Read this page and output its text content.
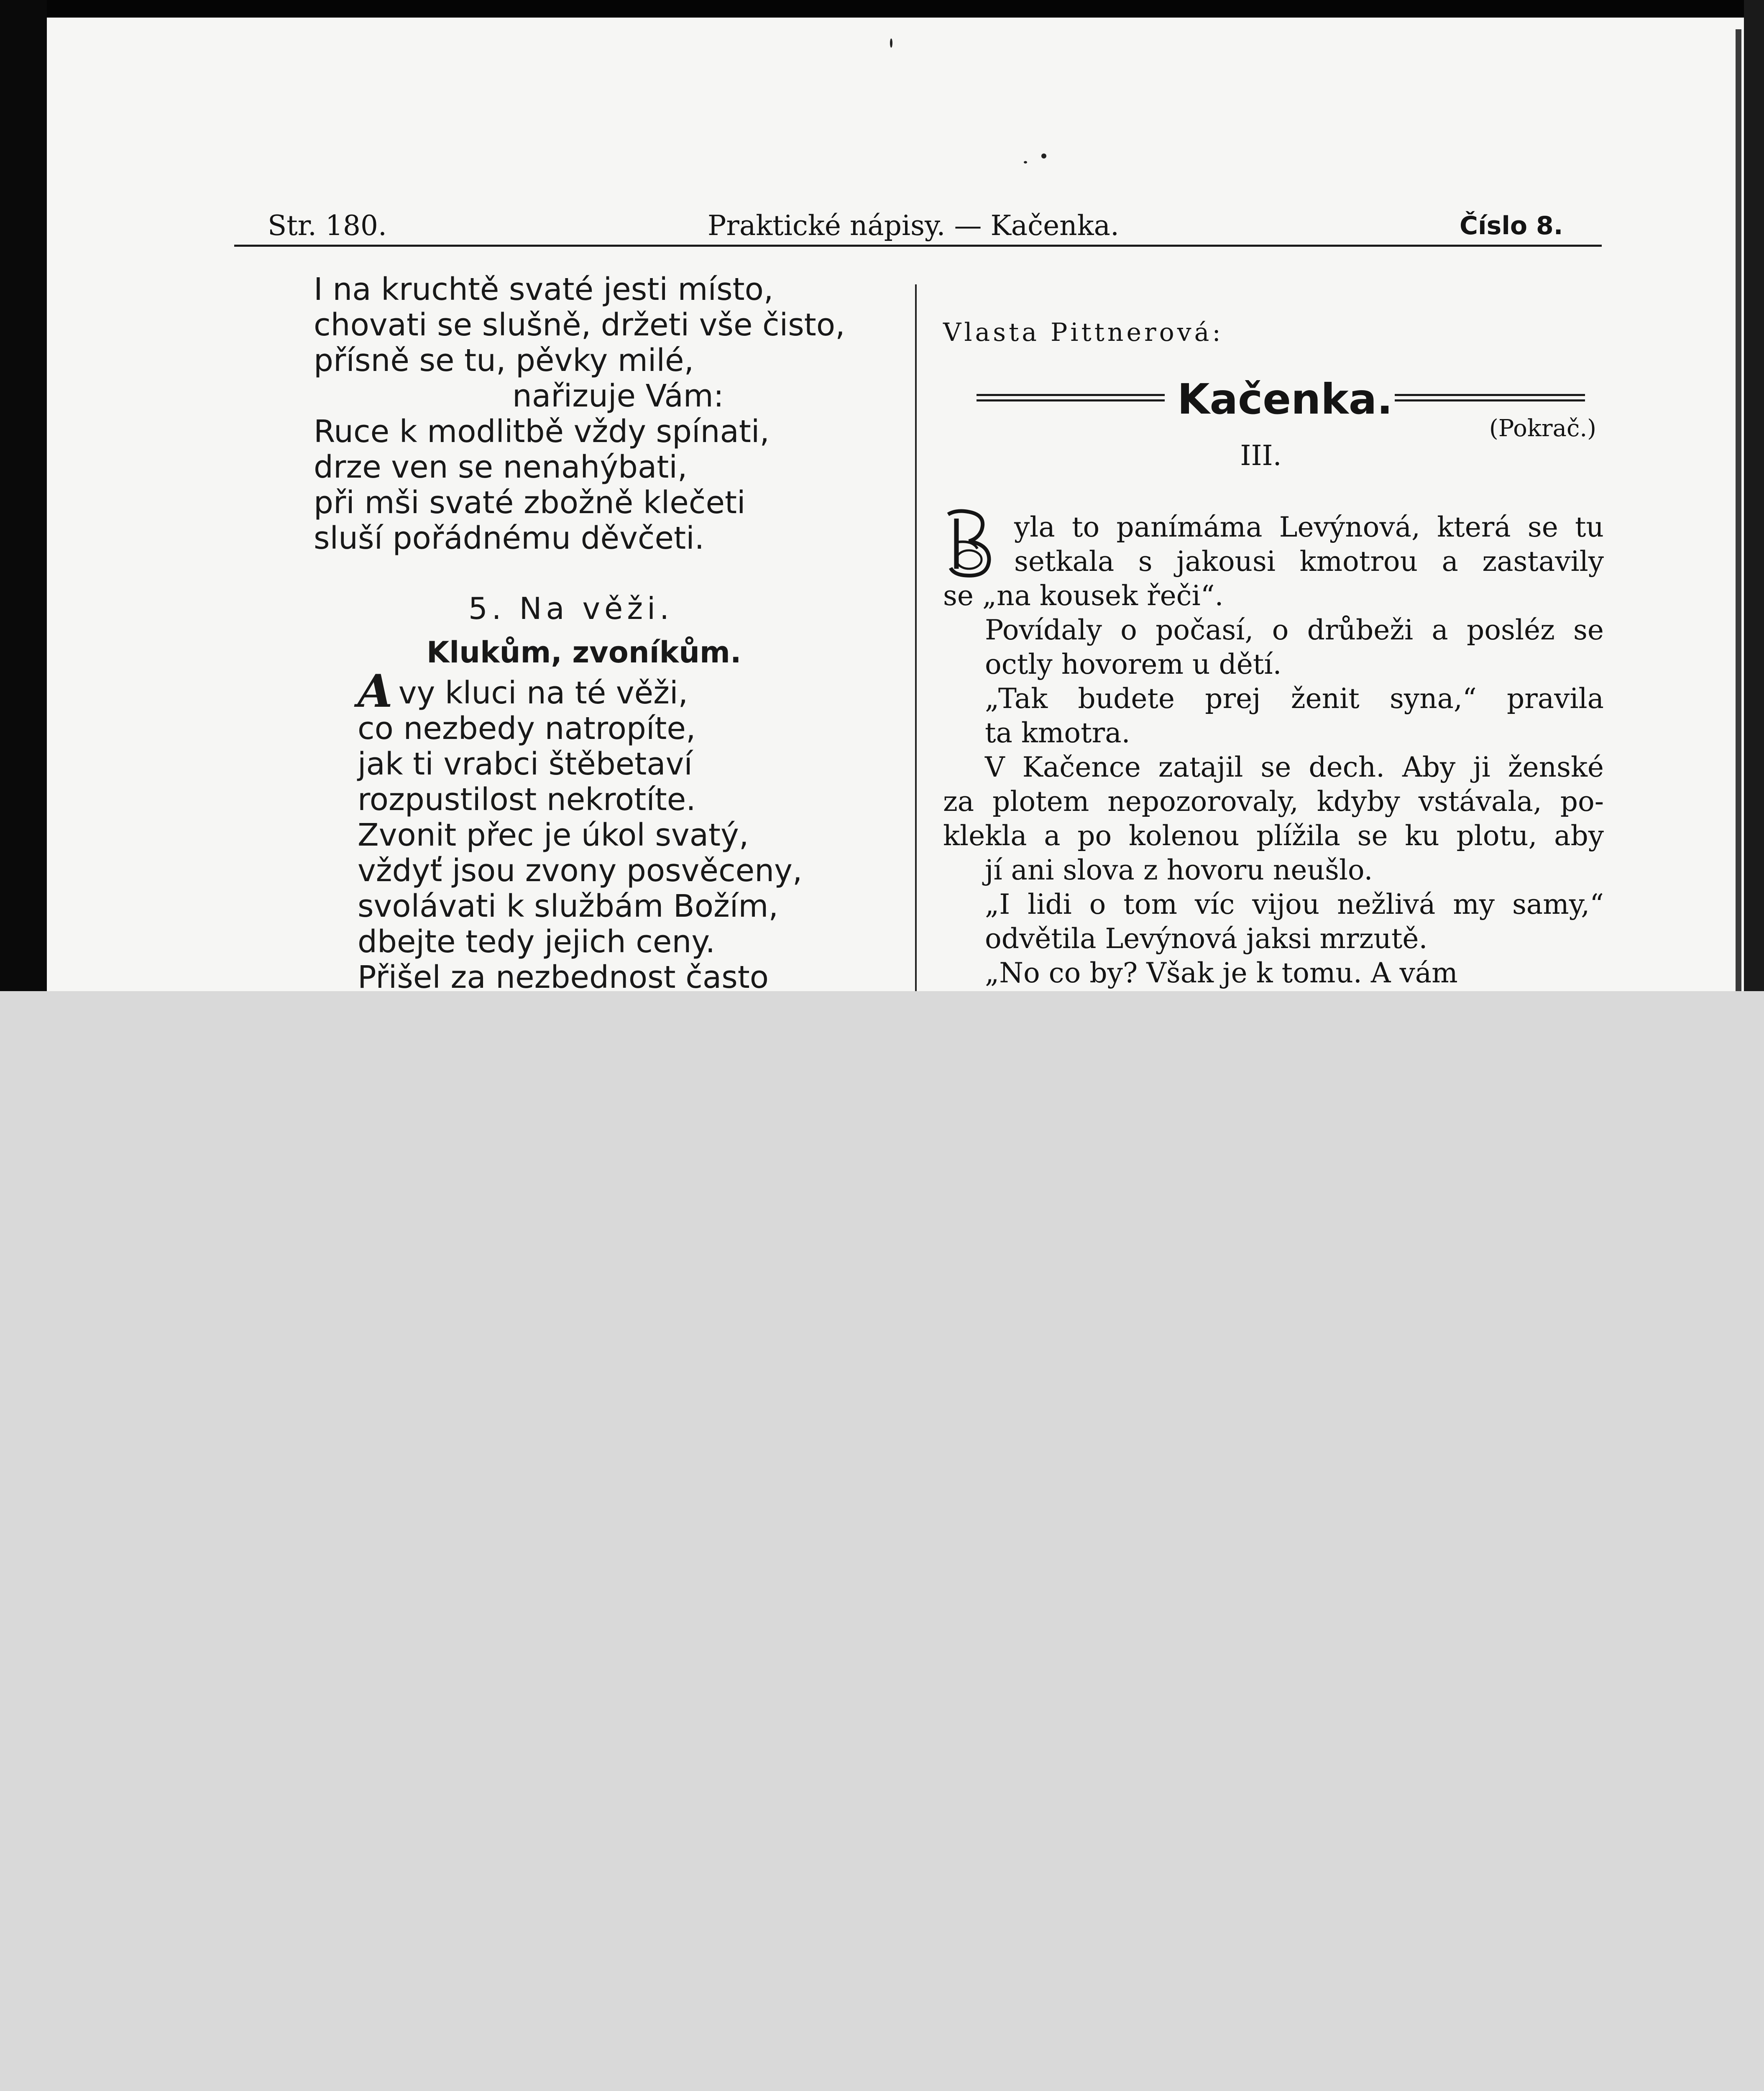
Str. 180.	Praktické nápisy. — Kačenka.	Číslo 8.
I na kruchtě svaté jesti místo,
chovati se slušně, držeti vše čisto,
přísně se tu, pěvky milé,
nařizuje Vám:
Ruce k modlitbě vždy spínati,
drze ven se nenahýbati,
při mši svaté zbožně klečeti
sluší pořádnému děvčeti.
5. Na věži.
Klukům, zvoníkům.
A vy kluci na té věži,
co nezbedy natropíte,
jak ti vrabci štěbetaví
rozpustilost nekrotíte.
Zvonit přec je úkol svatý,
vždyť jsou zvony posvěceny,
svolávati k službám Božím,
dbejte tedy jejich ceny.
Přišel za nezbednost často
Vlasta Pittnerová:
Kačenka.
(Pokrač.)
III.
B
yla to panímáma Levýnová, která se tu
setkala s jakousi kmotrou a zastavily
se „na kousek řeči“.
Povídaly o počasí, o drůbeži a posléz se
octly hovorem u dětí.
„Tak budete prej ženit syna,“ pravila
ta kmotra.
V Kačence zatajil se dech. Aby ji ženské
za plotem nepozorovaly, kdyby vstávala, po-
klekla a po kolenou plížila se ku plotu, aby
jí ani slova z hovoru neušlo.
„I lidi o tom víc vijou nežlivá my samy,“
odvětila Levýnová jaksi mrzutě.
„No co by? Však je k tomu. A vám
